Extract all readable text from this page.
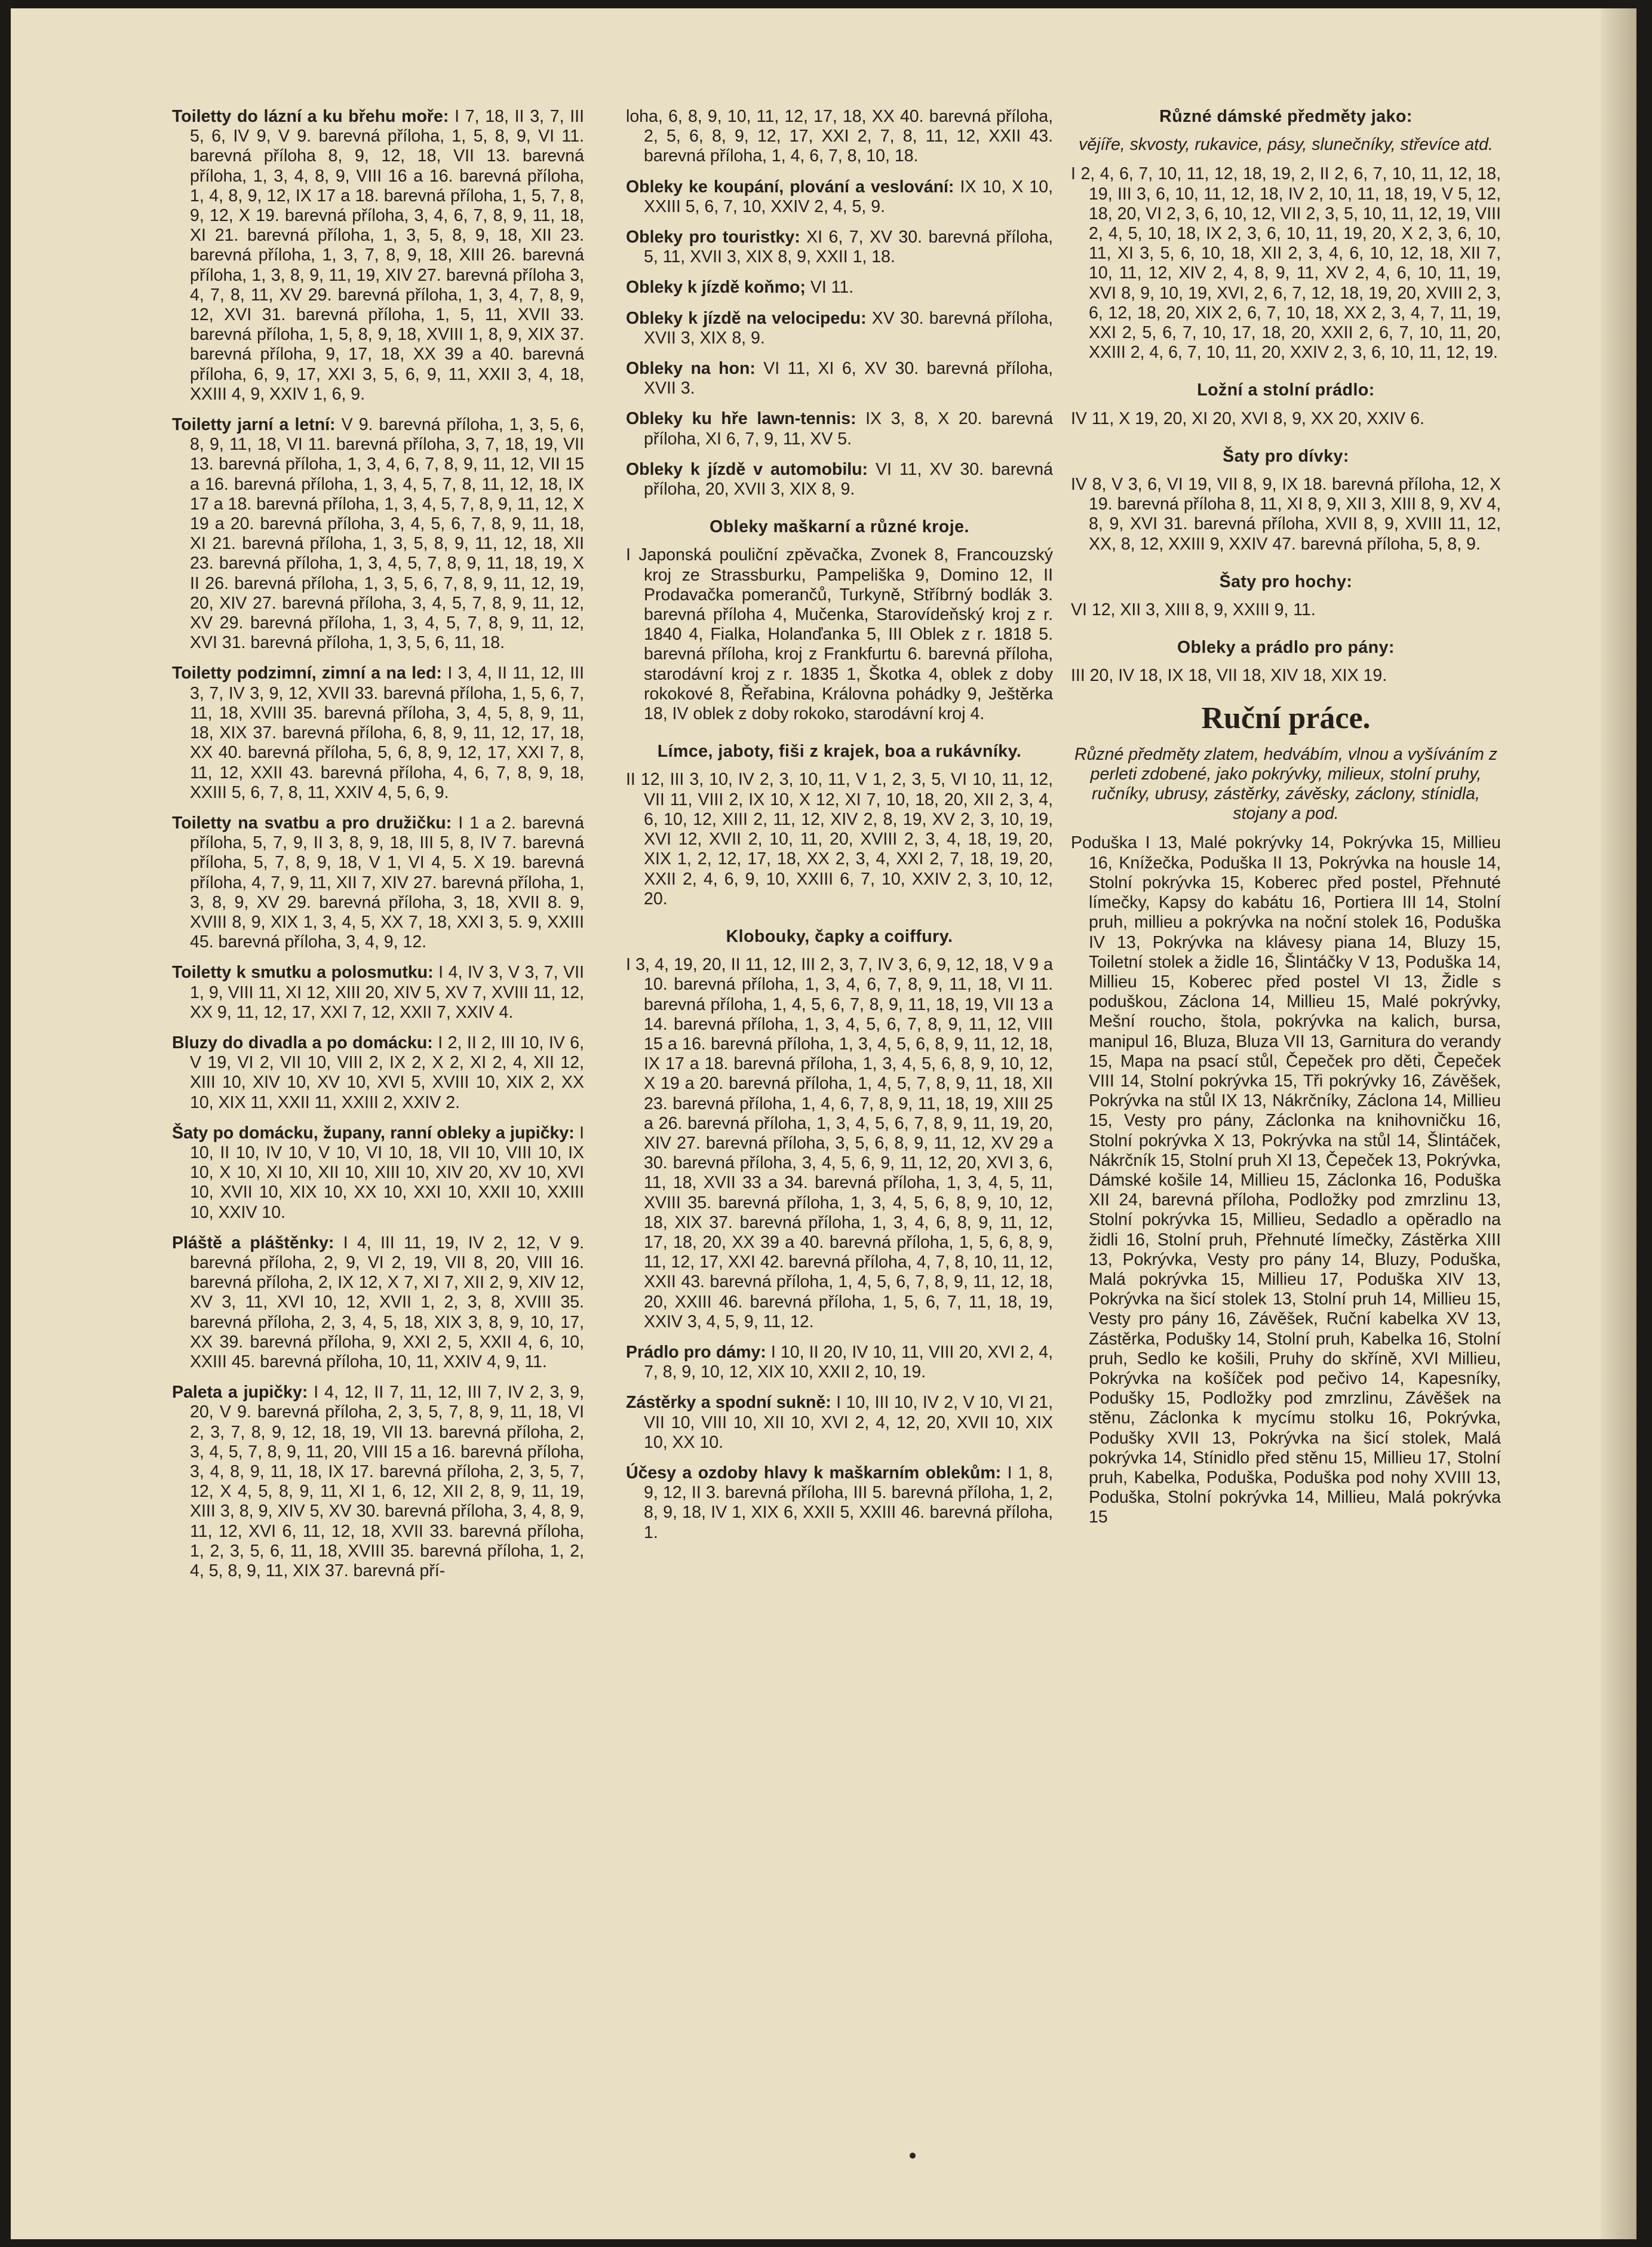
Toiletty do lázní a ku břehu moře: I 7, 18, II 3, 7, III 5, 6, IV 9, V 9. barevná příloha, 1, 5, 8, 9, VI 11. barevná příloha 8, 9, 12, 18, VII 13. barevná příloha, 1, 3, 4, 8, 9, VIII 16 a 16. barevná příloha, 1, 4, 8, 9, 12, IX 17 a 18. barevná příloha, 1, 5, 7, 8, 9, 12, X 19. barevná příloha, 3, 4, 6, 7, 8, 9, 11, 18, XI 21. barevná příloha, 1, 3, 5, 8, 9, 18, XII 23. barevná příloha, 1, 3, 7, 8, 9, 18, XIII 26. barevná příloha, 1, 3, 8, 9, 11, 19, XIV 27. barevná příloha 3, 4, 7, 8, 11, XV 29. barevná příloha, 1, 3, 4, 7, 8, 9, 12, XVI 31. barevná příloha, 1, 5, 11, XVII 33. barevná příloha, 1, 5, 8, 9, 18, XVIII 1, 8, 9, XIX 37. barevná příloha, 9, 17, 18, XX 39 a 40. barevná příloha, 6, 9, 17, XXI 3, 5, 6, 9, 11, XXII 3, 4, 18, XXIII 4, 9, XXIV 1, 6, 9.
Toiletty jarní a letní: V 9. barevná příloha, 1, 3, 5, 6, 8, 9, 11, 18, VI 11. barevná příloha, 3, 7, 18, 19, VII 13. barevná příloha, 1, 3, 4, 6, 7, 8, 9, 11, 12, VII 15 a 16. barevná příloha, 1, 3, 4, 5, 7, 8, 11, 12, 18, IX 17 a 18. barevná příloha, 1, 3, 4, 5, 7, 8, 9, 11, 12, X 19 a 20. barevná příloha, 3, 4, 5, 6, 7, 8, 9, 11, 18, XI 21. barevná příloha, 1, 3, 5, 8, 9, 11, 12, 18, XII 23. barevná příloha, 1, 3, 4, 5, 7, 8, 9, 11, 18, 19, X II 26. barevná příloha, 1, 3, 5, 6, 7, 8, 9, 11, 12, 19, 20, XIV 27. barevná příloha, 3, 4, 5, 7, 8, 9, 11, 12, XV 29. barevná příloha, 1, 3, 4, 5, 7, 8, 9, 11, 12, XVI 31. barevná příloha, 1, 3, 5, 6, 11, 18.
Toiletty podzimní, zimní a na led: I 3, 4, II 11, 12, III 3, 7, IV 3, 9, 12, XVII 33. barevná příloha, 1, 5, 6, 7, 11, 18, XVIII 35. barevná příloha, 3, 4, 5, 8, 9, 11, 18, XIX 37. barevná příloha, 6, 8, 9, 11, 12, 17, 18, XX 40. barevná příloha, 5, 6, 8, 9, 12, 17, XXI 7, 8, 11, 12, XXII 43. barevná příloha, 4, 6, 7, 8, 9, 18, XXIII 5, 6, 7, 8, 11, XXIV 4, 5, 6, 9.
Toiletty na svatbu a pro družičku: I 1 a 2. barevná příloha, 5, 7, 9, II 3, 8, 9, 18, III 5, 8, IV 7. barevná příloha, 5, 7, 8, 9, 18, V 1, VI 4, 5. X 19. barevná příloha, 4, 7, 9, 11, XII 7, XIV 27. barevná příloha, 1, 3, 8, 9, XV 29. barevná příloha, 3, 18, XVII 8. 9, XVIII 8, 9, XIX 1, 3, 4, 5, XX 7, 18, XXI 3, 5. 9, XXIII 45. barevná příloha, 3, 4, 9, 12.
Toiletty k smutku a polosmutku: I 4, IV 3, V 3, 7, VII 1, 9, VIII 11, XI 12, XIII 20, XIV 5, XV 7, XVIII 11, 12, XX 9, 11, 12, 17, XXI 7, 12, XXII 7, XXIV 4.
Bluzy do divadla a po domácku: I 2, II 2, III 10, IV 6, V 19, VI 2, VII 10, VIII 2, IX 2, X 2, XI 2, 4, XII 12, XIII 10, XIV 10, XV 10, XVI 5, XVIII 10, XIX 2, XX 10, XIX 11, XXII 11, XXIII 2, XXIV 2.
Šaty po domácku, župany, ranní obleky a jupičky: I 10, II 10, IV 10, V 10, VI 10, 18, VII 10, VIII 10, IX 10, X 10, XI 10, XII 10, XIII 10, XIV 20, XV 10, XVI 10, XVII 10, XIX 10, XX 10, XXI 10, XXII 10, XXIII 10, XXIV 10.
Pláště a pláštěnky: I 4, III 11, 19, IV 2, 12, V 9. barevná příloha, 2, 9, VI 2, 19, VII 8, 20, VIII 16. barevná příloha, 2, IX 12, X 7, XI 7, XII 2, 9, XIV 12, XV 3, 11, XVI 10, 12, XVII 1, 2, 3, 8, XVIII 35. barevná příloha, 2, 3, 4, 5, 18, XIX 3, 8, 9, 10, 17, XX 39. barevná příloha, 9, XXI 2, 5, XXII 4, 6, 10, XXIII 45. barevná příloha, 10, 11, XXIV 4, 9, 11.
Paleta a jupičky: I 4, 12, II 7, 11, 12, III 7, IV 2, 3, 9, 20, V 9. barevná příloha, 2, 3, 5, 7, 8, 9, 11, 18, VI 2, 3, 7, 8, 9, 12, 18, 19, VII 13. barevná příloha, 2, 3, 4, 5, 7, 8, 9, 11, 20, VIII 15 a 16. barevná příloha, 3, 4, 8, 9, 11, 18, IX 17. barevná příloha, 2, 3, 5, 7, 12, X 4, 5, 8, 9, 11, XI 1, 6, 12, XII 2, 8, 9, 11, 19, XIII 3, 8, 9, XIV 5, XV 30. barevná příloha, 3, 4, 8, 9, 11, 12, XVI 6, 11, 12, 18, XVII 33. barevná příloha, 1, 2, 3, 5, 6, 11, 18, XVIII 35. barevná příloha, 1, 2, 4, 5, 8, 9, 11, XIX 37. barevná pří-
loha, 6, 8, 9, 10, 11, 12, 17, 18, XX 40. barevná příloha, 2, 5, 6, 8, 9, 12, 17, XXI 2, 7, 8, 11, 12, XXII 43. barevná příloha, 1, 4, 6, 7, 8, 10, 18.
Obleky ke koupání, plování a veslování: IX 10, X 10, XXIII 5, 6, 7, 10, XXIV 2, 4, 5, 9.
Obleky pro touristky: XI 6, 7, XV 30. barevná příloha, 5, 11, XVII 3, XIX 8, 9, XXII 1, 18.
Obleky k jízdě koňmo; VI 11.
Obleky k jízdě na velocipedu: XV 30. barevná příloha, XVII 3, XIX 8, 9.
Obleky na hon: VI 11, XI 6, XV 30. barevná příloha, XVII 3.
Obleky ku hře lawn-tennis: IX 3, 8, X 20. barevná příloha, XI 6, 7, 9, 11, XV 5.
Obleky k jízdě v automobilu: VI 11, XV 30. barevná příloha, 20, XVII 3, XIX 8, 9.
Obleky maškarní a různé kroje.
I Japonská pouliční zpěvačka, Zvonek 8, Francouzský kroj ze Strassburku, Pampeliška 9, Domino 12, II Prodavačka pomerančů, Turkyně, Stříbrný bodlák 3. barevná příloha 4, Mučenka, Starovídeňský kroj z r. 1840 4, Fialka, Holanďanka 5, III Oblek z r. 1818 5. barevná příloha, kroj z Frankfurtu 6. barevná příloha, starodávní kroj z r. 1835 1, Škotka 4, oblek z doby rokokové 8, Řeřabina, Královna pohádky 9, Ještěrka 18, IV oblek z doby rokoko, starodávní kroj 4.
Límce, jaboty, fiši z krajek, boa a rukávníky.
II 12, III 3, 10, IV 2, 3, 10, 11, V 1, 2, 3, 5, VI 10, 11, 12, VII 11, VIII 2, IX 10, X 12, XI 7, 10, 18, 20, XII 2, 3, 4, 6, 10, 12, XIII 2, 11, 12, XIV 2, 8, 19, XV 2, 3, 10, 19, XVI 12, XVII 2, 10, 11, 20, XVIII 2, 3, 4, 18, 19, 20, XIX 1, 2, 12, 17, 18, XX 2, 3, 4, XXI 2, 7, 18, 19, 20, XXII 2, 4, 6, 9, 10, XXIII 6, 7, 10, XXIV 2, 3, 10, 12, 20.
Klobouky, čapky a coiffury.
I 3, 4, 19, 20, II 11, 12, III 2, 3, 7, IV 3, 6, 9, 12, 18, V 9 a 10. barevná příloha, 1, 3, 4, 6, 7, 8, 9, 11, 18, VI 11. barevná příloha, 1, 4, 5, 6, 7, 8, 9, 11, 18, 19, VII 13 a 14. barevná příloha, 1, 3, 4, 5, 6, 7, 8, 9, 11, 12, VIII 15 a 16. barevná příloha, 1, 3, 4, 5, 6, 8, 9, 11, 12, 18, IX 17 a 18. barevná příloha, 1, 3, 4, 5, 6, 8, 9, 10, 12, X 19 a 20. barevná příloha, 1, 4, 5, 7, 8, 9, 11, 18, XII 23. barevná příloha, 1, 4, 6, 7, 8, 9, 11, 18, 19, XIII 25 a 26. barevná příloha, 1, 3, 4, 5, 6, 7, 8, 9, 11, 19, 20, XIV 27. barevná příloha, 3, 5, 6, 8, 9, 11, 12, XV 29 a 30. barevná příloha, 3, 4, 5, 6, 9, 11, 12, 20, XVI 3, 6, 11, 18, XVII 33 a 34. barevná příloha, 1, 3, 4, 5, 11, XVIII 35. barevná příloha, 1, 3, 4, 5, 6, 8, 9, 10, 12, 18, XIX 37. barevná příloha, 1, 3, 4, 6, 8, 9, 11, 12, 17, 18, 20, XX 39 a 40. barevná příloha, 1, 5, 6, 8, 9, 11, 12, 17, XXI 42. barevná příloha, 4, 7, 8, 10, 11, 12, XXII 43. barevná příloha, 1, 4, 5, 6, 7, 8, 9, 11, 12, 18, 20, XXIII 46. barevná příloha, 1, 5, 6, 7, 11, 18, 19, XXIV 3, 4, 5, 9, 11, 12.
Prádlo pro dámy: I 10, II 20, IV 10, 11, VIII 20, XVI 2, 4, 7, 8, 9, 10, 12, XIX 10, XXII 2, 10, 19.
Zástěrky a spodní sukně: I 10, III 10, IV 2, V 10, VI 21, VII 10, VIII 10, XII 10, XVI 2, 4, 12, 20, XVII 10, XIX 10, XX 10.
Účesy a ozdoby hlavy k maškarním oblekům: I 1, 8, 9, 12, II 3. barevná příloha, III 5. barevná příloha, 1, 2, 8, 9, 18, IV 1, XIX 6, XXII 5, XXIII 46. barevná příloha, 1.
Různé dámské předměty jako:
vějíře, skvosty, rukavice, pásy, slunečníky, střevíce atd.
I 2, 4, 6, 7, 10, 11, 12, 18, 19, 2, II 2, 6, 7, 10, 11, 12, 18, 19, III 3, 6, 10, 11, 12, 18, IV 2, 10, 11, 18, 19, V 5, 12, 18, 20, VI 2, 3, 6, 10, 12, VII 2, 3, 5, 10, 11, 12, 19, VIII 2, 4, 5, 10, 18, IX 2, 3, 6, 10, 11, 19, 20, X 2, 3, 6, 10, 11, XI 3, 5, 6, 10, 18, XII 2, 3, 4, 6, 10, 12, 18, XII 7, 10, 11, 12, XIV 2, 4, 8, 9, 11, XV 2, 4, 6, 10, 11, 19, XVI 8, 9, 10, 19, XVI, 2, 6, 7, 12, 18, 19, 20, XVIII 2, 3, 6, 12, 18, 20, XIX 2, 6, 7, 10, 18, XX 2, 3, 4, 7, 11, 19, XXI 2, 5, 6, 7, 10, 17, 18, 20, XXII 2, 6, 7, 10, 11, 20, XXIII 2, 4, 6, 7, 10, 11, 20, XXIV 2, 3, 6, 10, 11, 12, 19.
Ložní a stolní prádlo:
IV 11, X 19, 20, XI 20, XVI 8, 9, XX 20, XXIV 6.
Šaty pro dívky:
IV 8, V 3, 6, VI 19, VII 8, 9, IX 18. barevná příloha, 12, X 19. barevná příloha 8, 11, XI 8, 9, XII 3, XIII 8, 9, XV 4, 8, 9, XVI 31. barevná příloha, XVII 8, 9, XVIII 11, 12, XX, 8, 12, XXIII 9, XXIV 47. barevná příloha, 5, 8, 9.
Šaty pro hochy:
VI 12, XII 3, XIII 8, 9, XXIII 9, 11.
Obleky a prádlo pro pány:
III 20, IV 18, IX 18, VII 18, XIV 18, XIX 19.
Ruční práce.
Různé předměty zlatem, hedvábím, vlnou a vyšíváním z perleti zdobené, jako pokrývky, milieux, stolní pruhy, ručníky, ubrusy, zástěrky, závěsky, záclony, stínidla, stojany a pod.
Poduška I 13, Malé pokrývky 14, Pokrývka 15, Millieu 16, Knížečka, Poduška II 13, Pokrývka na housle 14, Stolní pokrývka 15, Koberec před postel, Přehnuté límečky, Kapsy do kabátu 16, Portiera III 14, Stolní pruh, millieu a pokrývka na noční stolek 16, Poduška IV 13, Pokrývka na klávesy piana 14, Bluzy 15, Toiletní stolek a židle 16, Šlintáčky V 13, Poduška 14, Millieu 15, Koberec před postel VI 13, Židle s poduškou, Záclona 14, Millieu 15, Malé pokrývky, Mešní roucho, štola, pokrývka na kalich, bursa, manipul 16, Bluza, Bluza VII 13, Garnitura do verandy 15, Mapa na psací stůl, Čepeček pro děti, Čepeček VIII 14, Stolní pokrývka 15, Tři pokrývky 16, Závěšek, Pokrývka na stůl IX 13, Nákrčníky, Záclona 14, Millieu 15, Vesty pro pány, Záclonka na knihovničku 16, Stolní pokrývka X 13, Pokrývka na stůl 14, Šlintáček, Nákrčník 15, Stolní pruh XI 13, Čepeček 13, Pokrývka, Dámské košile 14, Millieu 15, Záclonka 16, Poduška XII 24, barevná příloha, Podložky pod zmrzlinu 13, Stolní pokrývka 15, Millieu, Sedadlo a opěradlo na židli 16, Stolní pruh, Přehnuté límečky, Zástěrka XIII 13, Pokrývka, Vesty pro pány 14, Bluzy, Poduška, Malá pokrývka 15, Millieu 17, Poduška XIV 13, Pokrývka na šicí stolek 13, Stolní pruh 14, Millieu 15, Vesty pro pány 16, Závěšek, Ruční kabelka XV 13, Zástěrka, Podušky 14, Stolní pruh, Kabelka 16, Stolní pruh, Sedlo ke košili, Pruhy do skříně, XVI Millieu, Pokrývka na košíček pod pečivo 14, Kapesníky, Podušky 15, Podložky pod zmrzlinu, Závěšek na stěnu, Záclonka k mycímu stolku 16, Pokrývka, Podušky XVII 13, Pokrývka na šicí stolek, Malá pokrývka 14, Stínidlo před stěnu 15, Millieu 17, Stolní pruh, Kabelka, Poduška, Poduška pod nohy XVIII 13, Poduška, Stolní pokrývka 14, Millieu, Malá pokrývka 15
